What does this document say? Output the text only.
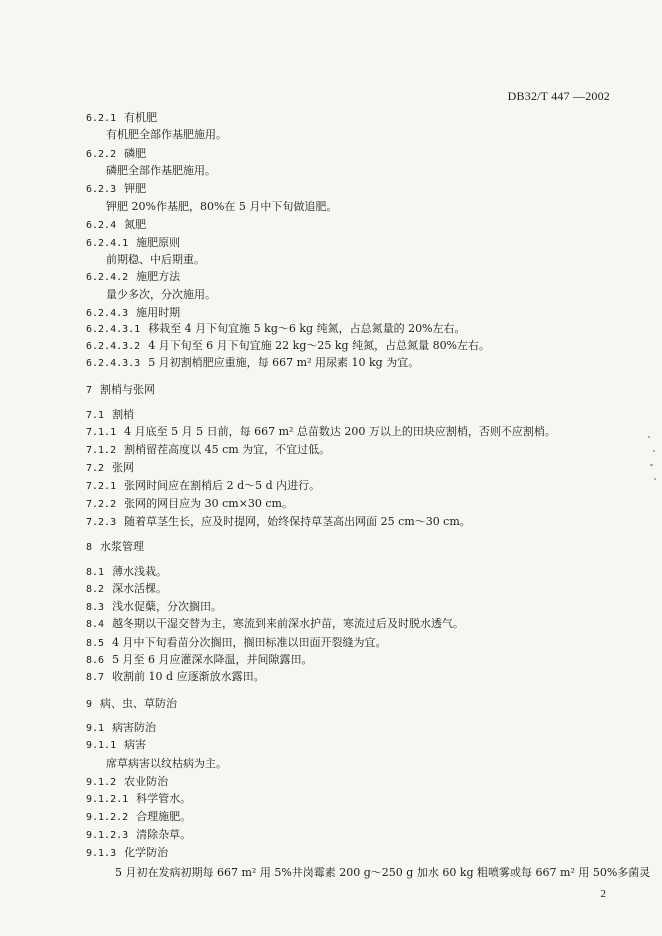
DB32/T 447 —2002
6.2.1 有机肥
有机肥全部作基肥施用。
6.2.2 磷肥
磷肥全部作基肥施用。
6.2.3 钾肥
钾肥 20%作基肥，80%在 5 月中下旬做追肥。
6.2.4 氮肥
6.2.4.1 施肥原则
前期稳、中后期重。
6.2.4.2 施肥方法
量少多次，分次施用。
6.2.4.3 施用时期
6.2.4.3.1 移栽至 4 月下旬宜施 5 kg～6 kg 纯氮，占总氮量的 20%左右。
6.2.4.3.2 4 月下旬至 6 月下旬宜施 22 kg～25 kg 纯氮，占总氮量 80%左右。
6.2.4.3.3 5 月初割梢肥应重施，每 667 m² 用尿素 10 kg 为宜。
7 割梢与张网
7.1 割梢
7.1.1 4 月底至 5 月 5 日前，每 667 m² 总苗数达 200 万以上的田块应割梢，否则不应割梢。
7.1.2 割梢留茬高度以 45 cm 为宜，不宜过低。
7.2 张网
7.2.1 张网时间应在割梢后 2 d～5 d 内进行。
7.2.2 张网的网目应为 30 cm×30 cm。
7.2.3 随着草茎生长，应及时提网，始终保持草茎高出网面 25 cm～30 cm。
8 水浆管理
8.1 薄水浅栽。
8.2 深水活棵。
8.3 浅水促蘖，分次搁田。
8.4 越冬期以干湿交替为主，寒流到来前深水护苗，寒流过后及时脱水透气。
8.5 4 月中下旬看苗分次搁田，搁田标准以田面开裂缝为宜。
8.6 5 月至 6 月应灌深水降温，并间隙露田。
8.7 收割前 10 d 应逐渐放水露田。
9 病、虫、草防治
9.1 病害防治
9.1.1 病害
席草病害以纹枯病为主。
9.1.2 农业防治
9.1.2.1 科学管水。
9.1.2.2 合理施肥。
9.1.2.3 清除杂草。
9.1.3 化学防治
5 月初在发病初期每 667 m² 用 5%井岗霉素 200 g～250 g 加水 60 kg 粗喷雾或每 667 m² 用 50%多菌灵
2
